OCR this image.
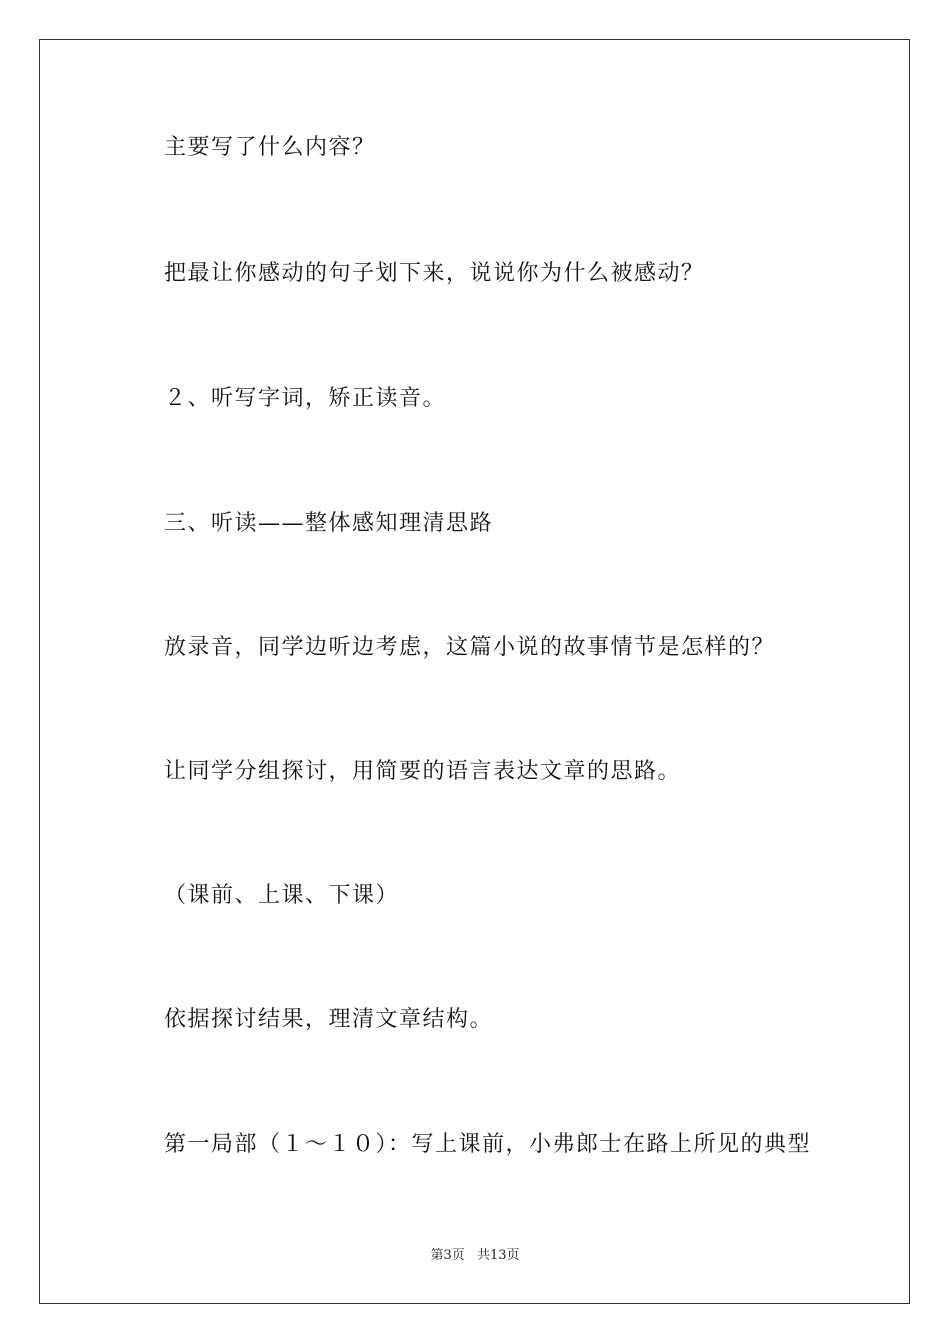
主要写了什么内容？
把最让你感动的句子划下来，说说你为什么被感动？
２、听写字词，矫正读音。
三、听读——整体感知理清思路
放录音，同学边听边考虑，这篇小说的故事情节是怎样的？
让同学分组探讨，用简要的语言表达文章的思路。
（课前、上课、下课）
依据探讨结果，理清文章结构。
第一局部（１～１０）：写上课前，小弗郎士在路上所见的典型
第3页 共13页
